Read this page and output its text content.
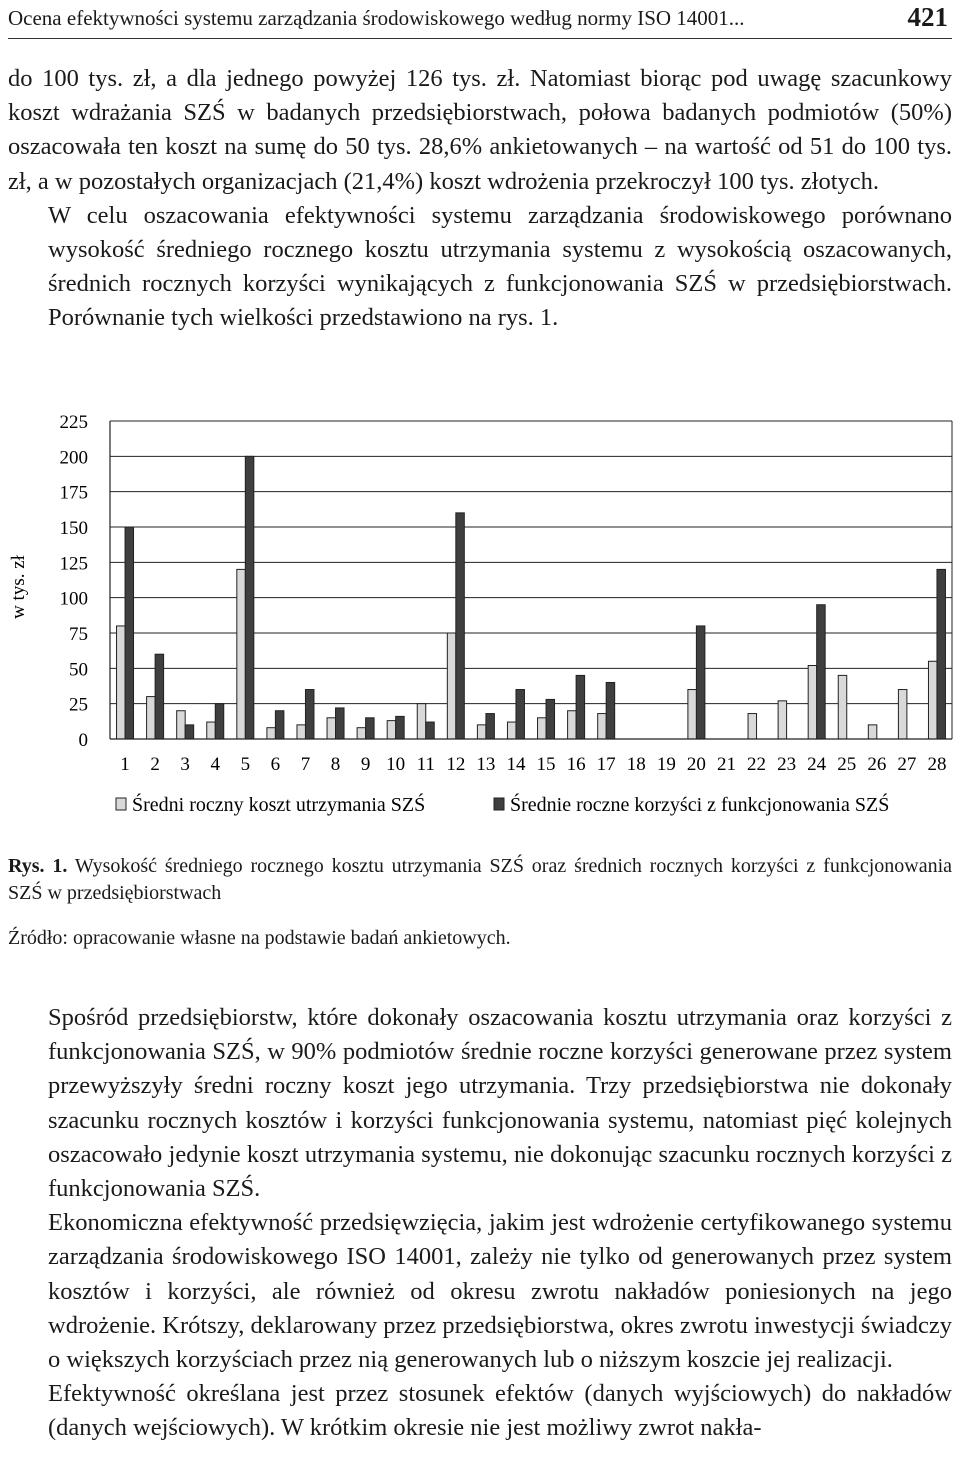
Ocena efektywności systemu zarządzania środowiskowego według normy ISO 14001...	421
do 100 tys. zł, a dla jednego powyżej 126 tys. zł. Natomiast biorąc pod uwagę szacunkowy koszt wdrażania SZŚ w badanych przedsiębiorstwach, połowa badanych podmiotów (50%) oszacowała ten koszt na sumę do 50 tys. 28,6% ankietowanych – na wartość od 51 do 100 tys. zł, a w pozostałych organizacjach (21,4%) koszt wdrożenia przekroczył 100 tys. złotych.
W celu oszacowania efektywności systemu zarządzania środowiskowego porównano wysokość średniego rocznego kosztu utrzymania systemu z wysokością oszacowanych, średnich rocznych korzyści wynikających z funkcjonowania SZŚ w przedsiębiorstwach. Porównanie tych wielkości przedstawiono na rys. 1.
0
25
50
75
100
125
150
175
200
225
1 2 3 4 5 6 7 8 9 10 11 12 13 14 15 16 17 18 19 20 21 22 23 24 25 26 27 28
w tys. zł
Średni roczny koszt utrzymania SZŚ	Średnie roczne korzyści z funkcjonowania SZŚ
Rys. 1. Wysokość średniego rocznego kosztu utrzymania SZŚ oraz średnich rocznych korzyści z funkcjonowania SZŚ w przedsiębiorstwach
Źródło: opracowanie własne na podstawie badań ankietowych.
Spośród przedsiębiorstw, które dokonały oszacowania kosztu utrzymania oraz korzyści z funkcjonowania SZŚ, w 90% podmiotów średnie roczne korzyści generowane przez system przewyższyły średni roczny koszt jego utrzymania. Trzy przedsiębiorstwa nie dokonały szacunku rocznych kosztów i korzyści funkcjonowania systemu, natomiast pięć kolejnych oszacowało jedynie koszt utrzymania systemu, nie dokonując szacunku rocznych korzyści z funkcjonowania SZŚ.
Ekonomiczna efektywność przedsięwzięcia, jakim jest wdrożenie certyfikowanego systemu zarządzania środowiskowego ISO 14001, zależy nie tylko od generowanych przez system kosztów i korzyści, ale również od okresu zwrotu nakładów poniesionych na jego wdrożenie. Krótszy, deklarowany przez przedsiębiorstwa, okres zwrotu inwestycji świadczy o większych korzyściach przez nią generowanych lub o niższym koszcie jej realizacji.
Efektywność określana jest przez stosunek efektów (danych wyjściowych) do nakładów (danych wejściowych). W krótkim okresie nie jest możliwy zwrot nakła-
